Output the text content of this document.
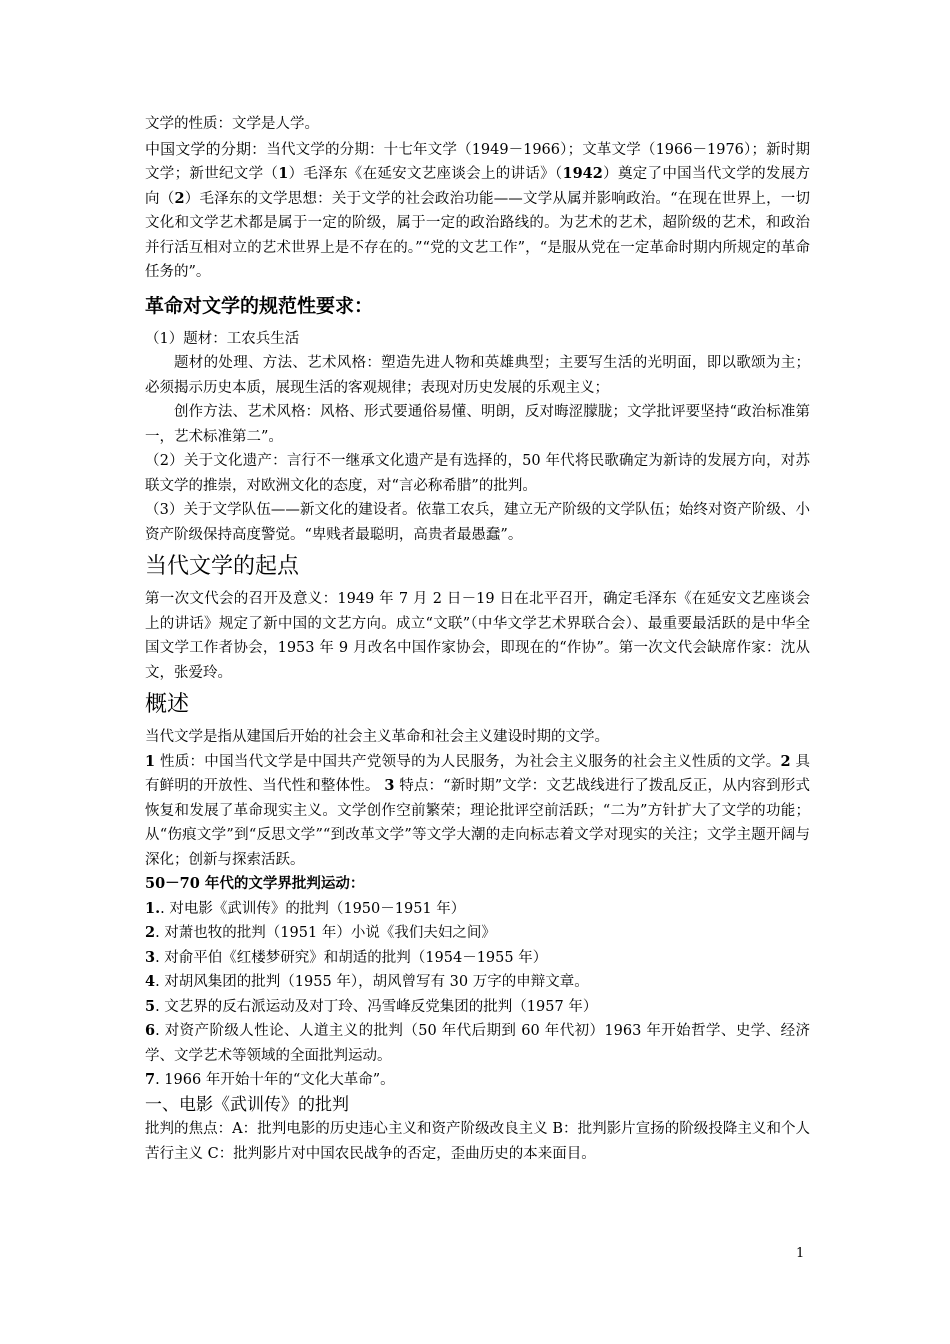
文学的性质：文学是人学。

中国文学的分期：当代文学的分期：十七年文学（1949－1966）；文革文学（1966－1976）；新时期文学；新世纪文学（1）毛泽东《在延安文艺座谈会上的讲话》（1942）奠定了中国当代文学的发展方向（2）毛泽东的文学思想：关于文学的社会政治功能——文学从属并影响政治。“在现在世界上，一切文化和文学艺术都是属于一定的阶级，属于一定的政治路线的。为艺术的艺术，超阶级的艺术，和政治并行活互相对立的艺术世界上是不存在的。”“党的文艺工作”，“是服从党在一定革命时期内所规定的革命任务的”。

革命对文学的规范性要求：

（1）题材：工农兵生活

题材的处理、方法、艺术风格：塑造先进人物和英雄典型；主要写生活的光明面，即以歌颂为主；必须揭示历史本质，展现生活的客观规律；表现对历史发展的乐观主义；

创作方法、艺术风格：风格、形式要通俗易懂、明朗，反对晦涩朦胧；文学批评要坚持“政治标准第一，艺术标准第二”。

（2）关于文化遗产：言行不一继承文化遗产是有选择的，50 年代将民歌确定为新诗的发展方向，对苏联文学的推崇，对欧洲文化的态度，对“言必称希腊”的批判。

（3）关于文学队伍——新文化的建设者。依靠工农兵，建立无产阶级的文学队伍；始终对资产阶级、小资产阶级保持高度警觉。“卑贱者最聪明，高贵者最愚蠢”。

当代文学的起点

第一次文代会的召开及意义：1949 年 7 月 2 日－19 日在北平召开，确定毛泽东《在延安文艺座谈会上的讲话》规定了新中国的文艺方向。成立“文联”（中华文学艺术界联合会）、最重要最活跃的是中华全国文学工作者协会，1953 年 9 月改名中国作家协会，即现在的“作协”。第一次文代会缺席作家：沈从文，张爱玲。

概述

当代文学是指从建国后开始的社会主义革命和社会主义建设时期的文学。

1 性质：中国当代文学是中国共产党领导的为人民服务，为社会主义服务的社会主义性质的文学。2 具有鲜明的开放性、当代性和整体性。 3 特点：“新时期”文学：文艺战线进行了拨乱反正，从内容到形式恢复和发展了革命现实主义。文学创作空前繁荣；理论批评空前活跃；“二为”方针扩大了文学的功能；从“伤痕文学”到“反思文学”“到改革文学”等文学大潮的走向标志着文学对现实的关注；文学主题开阔与深化；创新与探索活跃。

50－70 年代的文学界批判运动：

1.. 对电影《武训传》的批判（1950－1951 年）

2. 对萧也牧的批判（1951 年）小说《我们夫妇之间》

3. 对俞平伯《红楼梦研究》和胡适的批判（1954－1955 年）

4. 对胡风集团的批判（1955 年），胡风曾写有 30 万字的申辩文章。

5. 文艺界的反右派运动及对丁玲、冯雪峰反党集团的批判（1957 年）

6. 对资产阶级人性论、人道主义的批判（50 年代后期到 60 年代初）1963 年开始哲学、史学、经济学、文学艺术等领域的全面批判运动。

7. 1966 年开始十年的“文化大革命”。

一、电影《武训传》的批判

批判的焦点：A：批判电影的历史违心主义和资产阶级改良主义 B：批判影片宣扬的阶级投降主义和个人苦行主义 C：批判影片对中国农民战争的否定，歪曲历史的本来面目。

1
